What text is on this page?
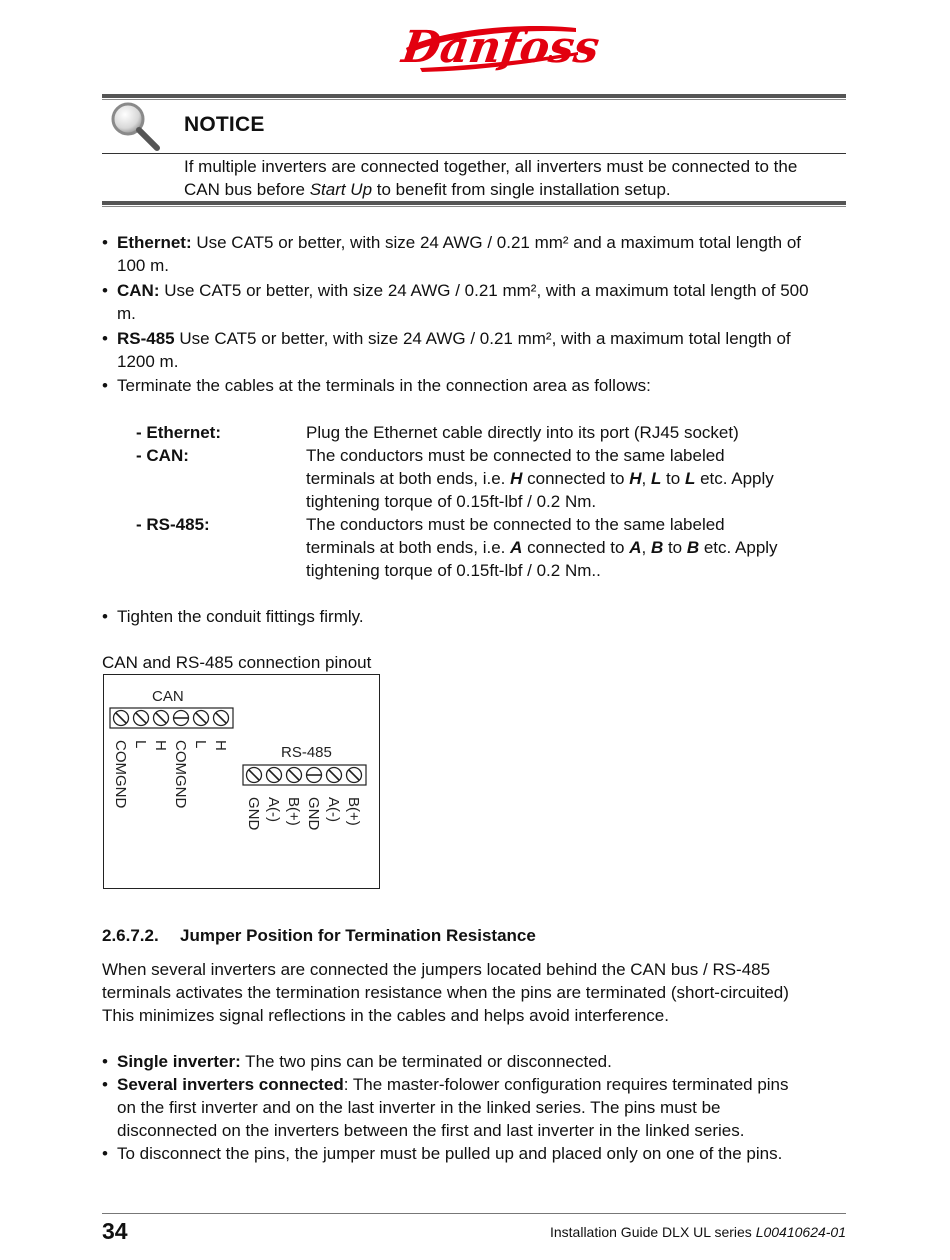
Danfoss
NOTICE
If multiple inverters are connected together, all inverters must be connected to the
CAN bus before Start Up to benefit from single installation setup.
• Ethernet: Use CAT5 or better, with size 24 AWG / 0.21 mm² and a maximum total length of
100 m.
• CAN: Use CAT5 or better, with size 24 AWG / 0.21 mm², with a maximum total length of 500
m.
• RS-485 Use CAT5 or better, with size 24 AWG / 0.21 mm², with a maximum total length of
1200 m.
• Terminate the cables at the terminals in the connection area as follows:
- Ethernet:	Plug the Ethernet cable directly into its port (RJ45 socket)
- CAN:	The conductors must be connected to the same labeled
terminals at both ends, i.e. H connected to H, L to L etc. Apply
tightening torque of 0.15ft-lbf / 0.2 Nm.
- RS-485:	The conductors must be connected to the same labeled
terminals at both ends, i.e. A connected to A, B to B etc. Apply
tightening torque of 0.15ft-lbf / 0.2 Nm..
• Tighten the conduit fittings firmly.
CAN and RS-485 connection pinout
CAN
COMGND L H COMGND L H	RS-485
GND A(-) B(+) GND A(-) B(+)
2.6.7.2. Jumper Position for Termination Resistance
When several inverters are connected the jumpers located behind the CAN bus / RS-485
terminals activates the termination resistance when the pins are terminated (short-circuited)
This minimizes signal reflections in the cables and helps avoid interference.
• Single inverter: The two pins can be terminated or disconnected.
• Several inverters connected: The master-folower configuration requires terminated pins
on the first inverter and on the last inverter in the linked series. The pins must be
disconnected on the inverters between the first and last inverter in the linked series.
• To disconnect the pins, the jumper must be pulled up and placed only on one of the pins.
34	Installation Guide DLX UL series L00410624-01
